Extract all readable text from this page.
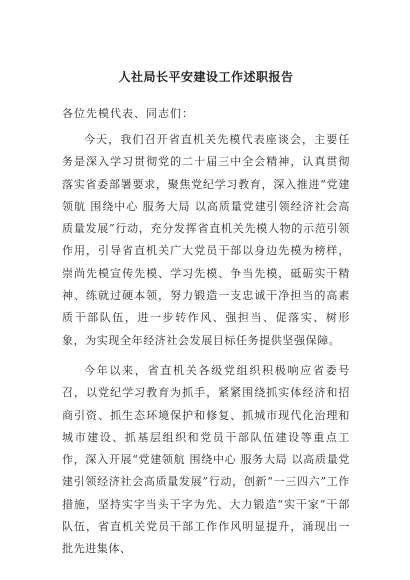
人社局长平安建设工作述职报告
各位先模代表、同志们：
今天，我们召开省直机关先模代表座谈会，主要任务是深入学习贯彻党的二十届三中全会精神，认真贯彻落实省委部署要求，聚焦党纪学习教育，深入推进“党建领航 围绕中心 服务大局 以高质量党建引领经济社会高质量发展”行动，充分发挥省直机关先模人物的示范引领作用，引导省直机关广大党员干部以身边先模为榜样，崇尚先模宣传先模、学习先模、争当先模，砥砺实干精神、练就过硬本领，努力锻造一支忠诚干净担当的高素质干部队伍，进一步转作风、强担当、促落实、树形象，为实现全年经济社会发展目标任务提供坚强保障。
今年以来，省直机关各级党组织积极响应省委号召，以党纪学习教育为抓手，紧紧围绕抓实体经济和招商引资、抓生态环境保护和修复、抓城市现代化治理和城市建设、抓基层组织和党员干部队伍建设等重点工作，深入开展“党建领航 围绕中心 服务大局 以高质量党建引领经济社会高质量发展”行动，创新“一三四六”工作措施，坚持实字当头干字为先、大力锻造“实干家”干部队伍，省直机关党员干部工作作风明显提升，涌现出一批先进集体、
